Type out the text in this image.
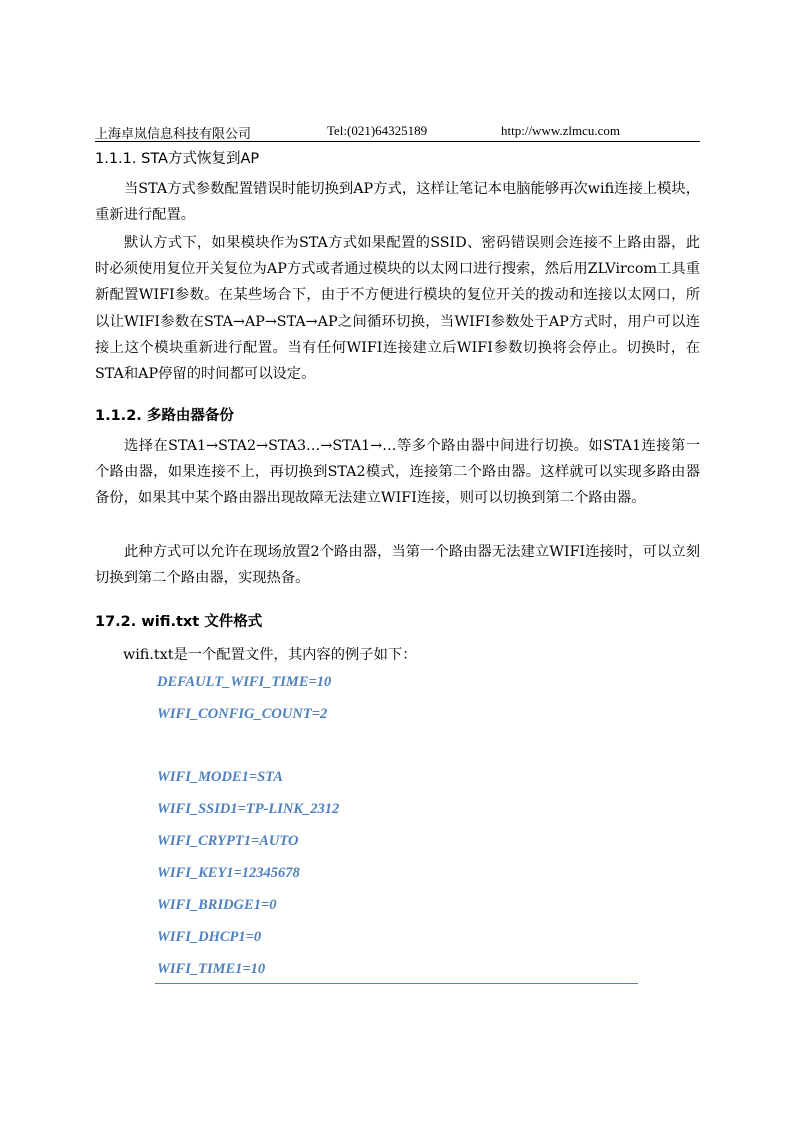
上海卓岚信息科技有限公司	Tel:(021)64325189	http://www.zlmcu.com
1.1.1. STA方式恢复到AP

当STA方式参数配置错误时能切换到AP方式，这样让笔记本电脑能够再次wifi连接上模块，重新进行配置。

默认方式下，如果模块作为STA方式如果配置的SSID、密码错误则会连接不上路由器，此时必须使用复位开关复位为AP方式或者通过模块的以太网口进行搜索，然后用ZLVircom工具重新配置WIFI参数。在某些场合下，由于不方便进行模块的复位开关的拨动和连接以太网口，所以让WIFI参数在STA→AP→STA→AP之间循环切换，当WIFI参数处于AP方式时，用户可以连接上这个模块重新进行配置。当有任何WIFI连接建立后WIFI参数切换将会停止。切换时，在STA和AP停留的时间都可以设定。

1.1.2. 多路由器备份

选择在STA1→STA2→STA3…→STA1→…等多个路由器中间进行切换。如STA1连接第一个路由器，如果连接不上，再切换到STA2模式，连接第二个路由器。这样就可以实现多路由器备份，如果其中某个路由器出现故障无法建立WIFI连接，则可以切换到第二个路由器。

此种方式可以允许在现场放置2个路由器，当第一个路由器无法建立WIFI连接时，可以立刻切换到第二个路由器，实现热备。

17.2. wifi.txt 文件格式

wifi.txt是一个配置文件，其内容的例子如下：

DEFAULT_WIFI_TIME=10
WIFI_CONFIG_COUNT=2
WIFI_MODE1=STA
WIFI_SSID1=TP-LINK_2312
WIFI_CRYPT1=AUTO
WIFI_KEY1=12345678
WIFI_BRIDGE1=0
WIFI_DHCP1=0
WIFI_TIME1=10
